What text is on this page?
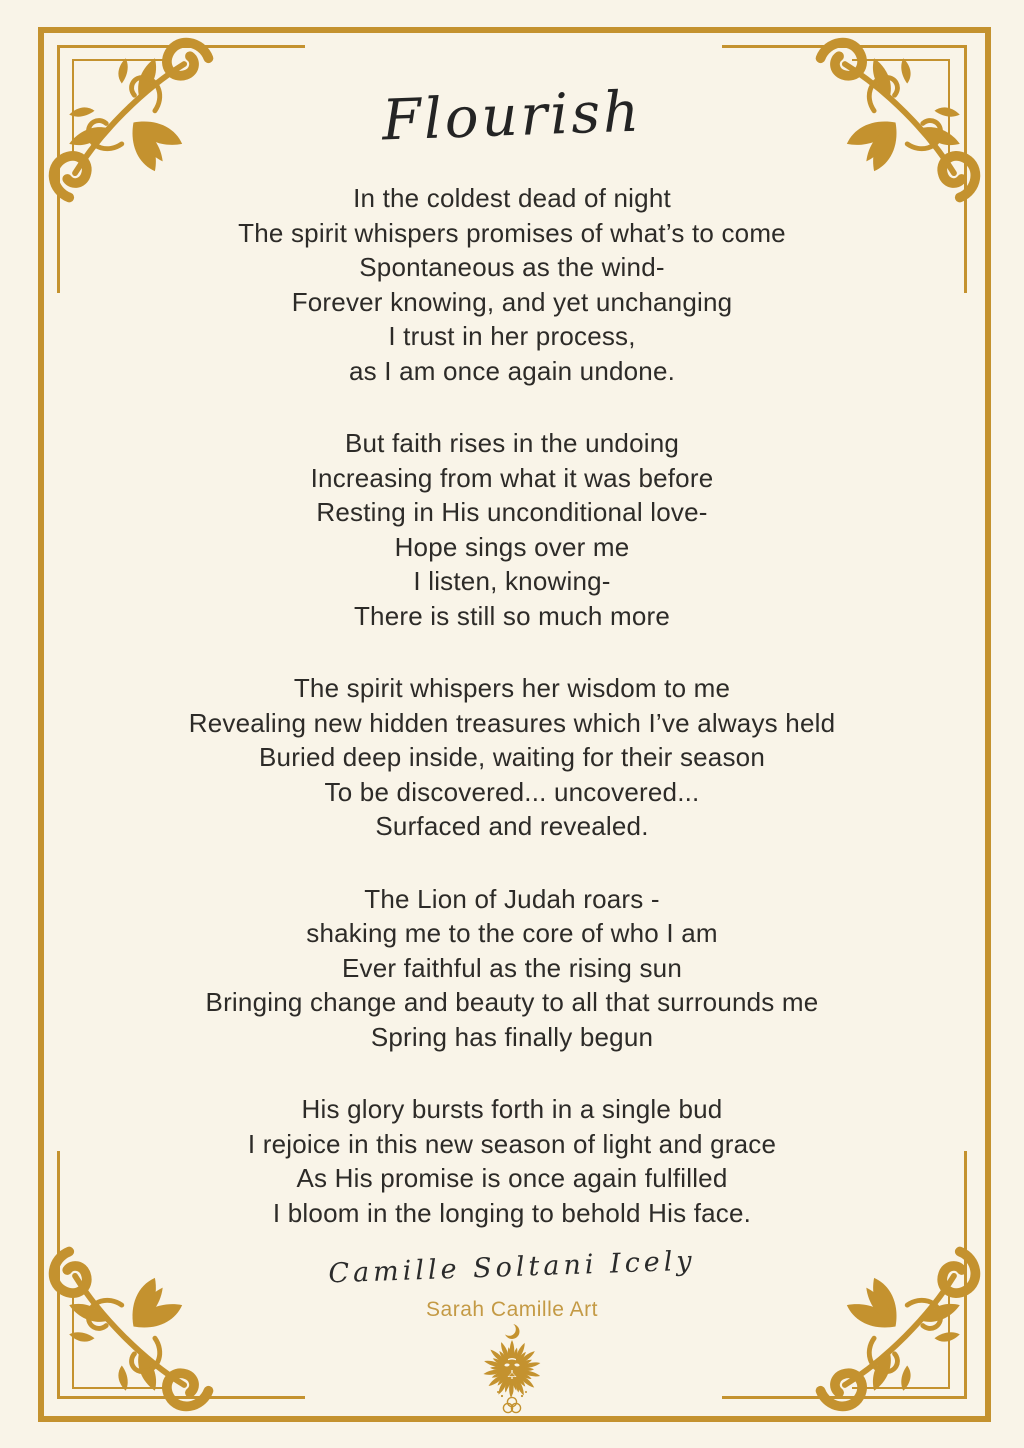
Flourish
In the coldest dead of night
The spirit whispers promises of what’s to come
Spontaneous as the wind-
Forever knowing, and yet unchanging
I trust in her process,
as I am once again undone.
But faith rises in the undoing
Increasing from what it was before
Resting in His unconditional love-
Hope sings over me
I listen, knowing-
There is still so much more
The spirit whispers her wisdom to me
Revealing new hidden treasures which I’ve always held
Buried deep inside, waiting for their season
To be discovered... uncovered...
Surfaced and revealed.
The Lion of Judah roars -
shaking me to the core of who I am
Ever faithful as the rising sun
Bringing change and beauty to all that surrounds me
Spring has finally begun
His glory bursts forth in a single bud
I rejoice in this new season of light and grace
As His promise is once again fulfilled
I bloom in the longing to behold His face.
Camille Soltani Icely
Sarah Camille Art
